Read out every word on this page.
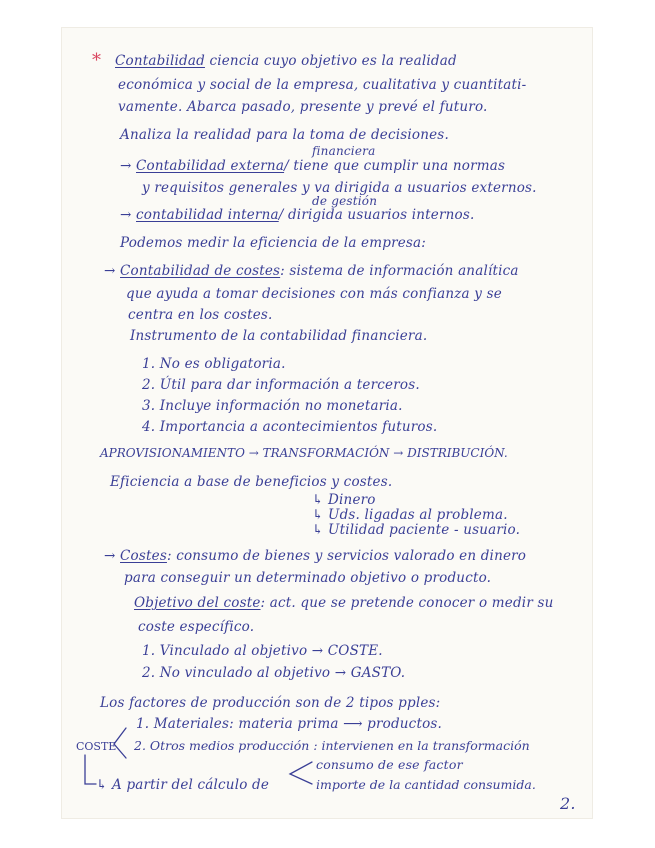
* Contabilidad ciencia cuyo objetivo es la realidad
económica y social de la empresa, cualitativa y cuantitati-
vamente. Abarca pasado, presente y prevé el futuro.
Analiza la realidad para la toma de decisiones.
financiera
→ Contabilidad externa/ tiene que cumplir una normas
y requisitos generales y va dirigida a usuarios externos.
de gestión
→ contabilidad interna/ dirigida usuarios internos.
Podemos medir la eficiencia de la empresa:
→ Contabilidad de costes: sistema de información analítica
que ayuda a tomar decisiones con más confianza y se
centra en los costes.
Instrumento de la contabilidad financiera.
1. No es obligatoria.
2. Útil para dar información a terceros.
3. Incluye información no monetaria.
4. Importancia a acontecimientos futuros.
APROVISIONAMIENTO → TRANSFORMACIÓN → DISTRIBUCIÓN.
Eficiencia a base de beneficios y costes.
↳ Dinero
↳ Uds. ligadas al problema.
↳ Utilidad paciente - usuario.
→ Costes: consumo de bienes y servicios valorado en dinero
para conseguir un determinado objetivo o producto.
Objetivo del coste: act. que se pretende conocer o medir su
coste específico.
1. Vinculado al objetivo → COSTE.
2. No vinculado al objetivo → GASTO.
Los factores de producción son de 2 tipos pples:
1. Materiales: materia prima ⟶ productos.
COSTE 2. Otros medios producción : intervienen en la transformación
consumo de ese factor
↳ A partir del cálculo de	importe de la cantidad consumida.
2.
